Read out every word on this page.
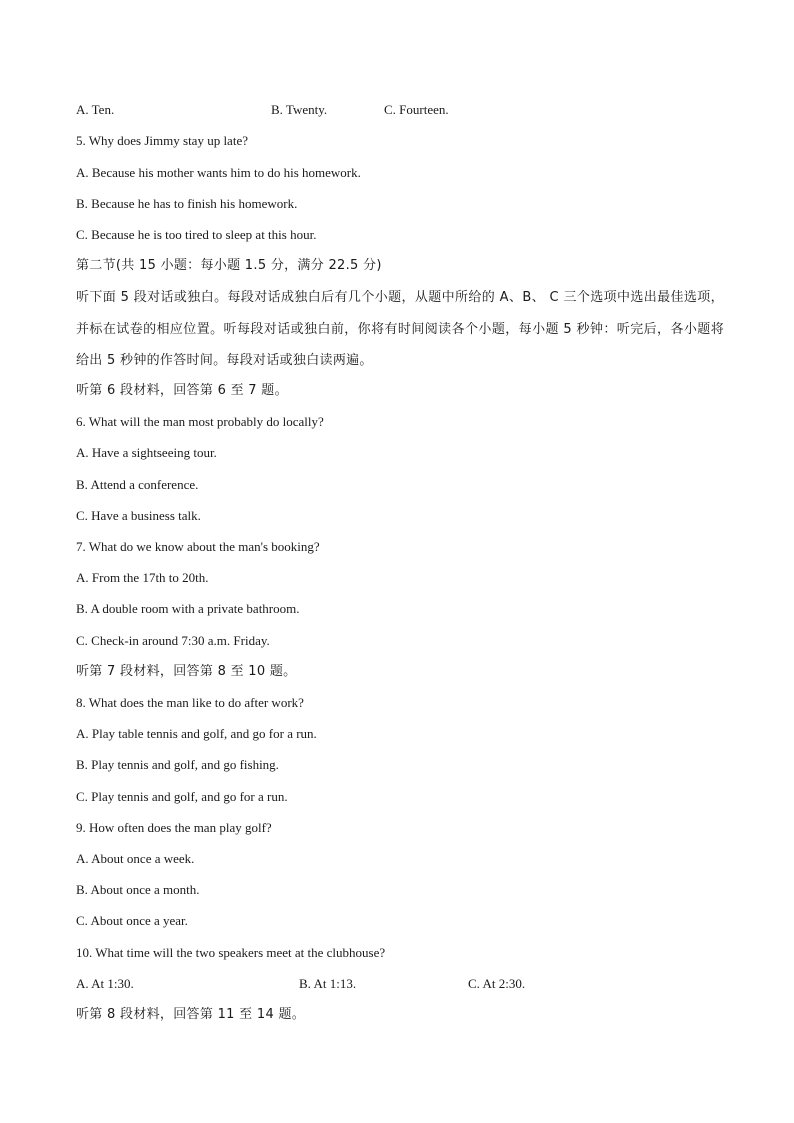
A. Ten.	B. Twenty.	C. Fourteen.
5. Why does Jimmy stay up late?
A. Because his mother wants him to do his homework.
B. Because he has to finish his homework.
C. Because he is too tired to sleep at this hour.
第二节(共 15 小题：每小题 1.5 分，满分 22.5 分)
听下面 5 段对话或独白。每段对话成独白后有几个小题，从题中所给的 A、B、 C 三个选项中选出最佳选项，并标在试卷的相应位置。听每段对话或独白前，你将有时间阅读各个小题，每小题 5 秒钟：听完后，各小题将给出 5 秒钟的作答时间。每段对话或独白读两遍。
听第 6 段材料，回答第 6 至 7 题。
6. What will the man most probably do locally?
A. Have a sightseeing tour.
B. Attend a conference.
C. Have a business talk.
7. What do we know about the man's booking?
A. From the 17th to 20th.
B. A double room with a private bathroom.
C. Check-in around 7:30 a.m. Friday.
听第 7 段材料，回答第 8 至 10 题。
8. What does the man like to do after work?
A. Play table tennis and golf, and go for a run.
B. Play tennis and golf, and go fishing.
C. Play tennis and golf, and go for a run.
9. How often does the man play golf?
A. About once a week.
B. About once a month.
C. About once a year.
10. What time will the two speakers meet at the clubhouse?
A. At 1:30.	B. At 1:13.	C. At 2:30.
听第 8 段材料，回答第 11 至 14 题。
